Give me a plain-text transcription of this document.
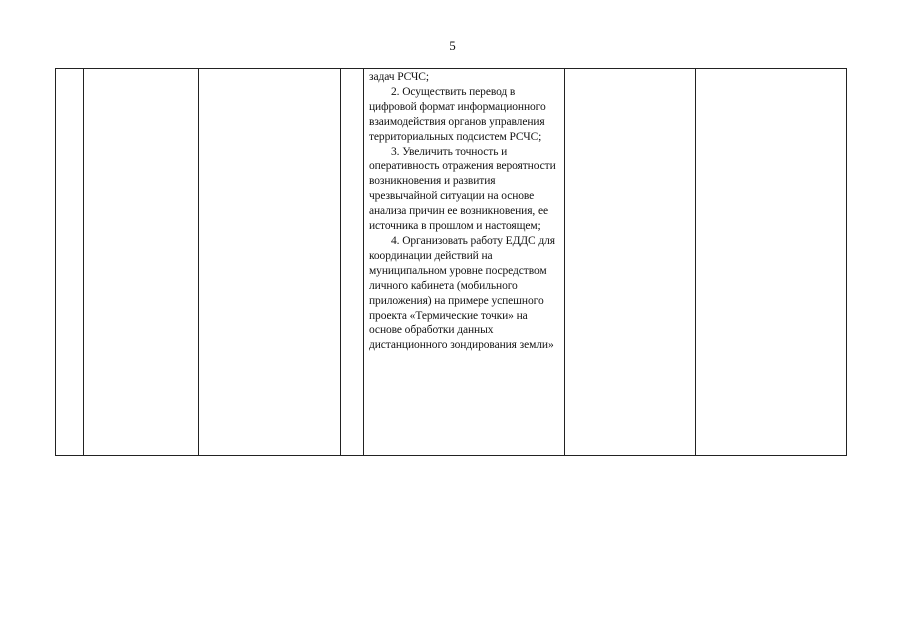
5

задач РСЧС;

2. Осуществить перевод в цифровой формат информационного взаимодействия органов управления территориальных подсистем РСЧС;

3. Увеличить точность и оперативность отражения вероятности возникновения и развития чрезвычайной ситуации на основе анализа причин ее возникновения, ее источника в прошлом и настоящем;

4. Организовать работу ЕДДС для координации действий на муниципальном уровне посредством личного кабинета (мобильного приложения) на примере успешного проекта «Термические точки» на основе обработки данных дистанционного зондирования земли»
